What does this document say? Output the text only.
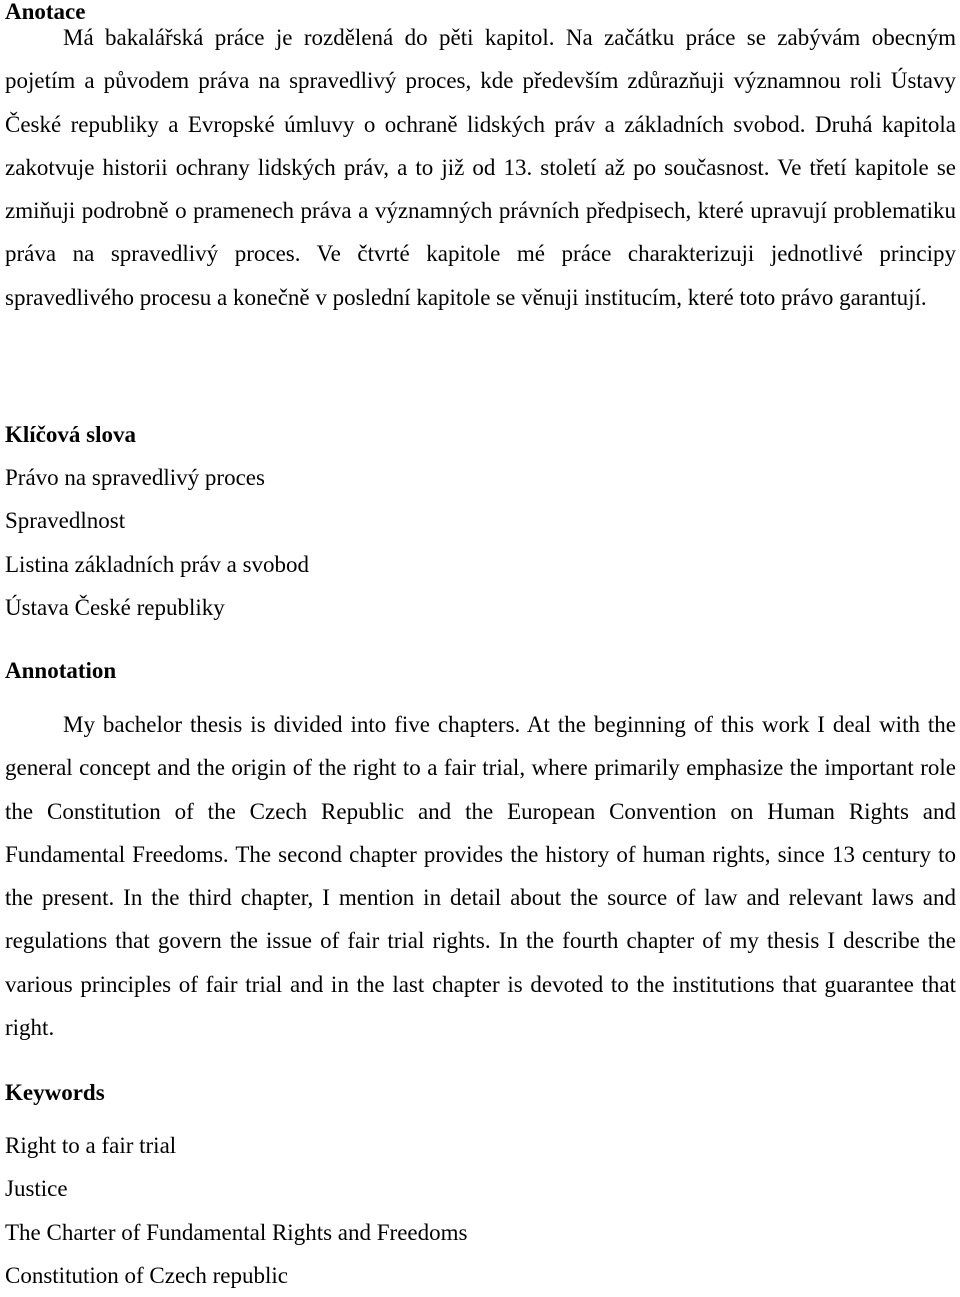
Anotace

Má bakalářská práce je rozdělená do pěti kapitol. Na začátku práce se zabývám obecným pojetím a původem práva na spravedlivý proces, kde především zdůrazňuji významnou roli Ústavy České republiky a Evropské úmluvy o ochraně lidských práv a základních svobod. Druhá kapitola zakotvuje historii ochrany lidských práv, a to již od 13. století až po současnost. Ve třetí kapitole se zmiňuji podrobně o pramenech práva a významných právních předpisech, které upravují problematiku práva na spravedlivý proces. Ve čtvrté kapitole mé práce charakterizuji jednotlivé principy spravedlivého procesu a konečně v poslední kapitole se věnuji institucím, které toto právo garantují.

Klíčová slova
Právo na spravedlivý proces
Spravedlnost
Listina základních práv a svobod
Ústava České republiky
Annotation

My bachelor thesis is divided into five chapters. At the beginning of this work I deal with the general concept and the origin of the right to a fair trial, where primarily emphasize the important role the Constitution of the Czech Republic and the European Convention on Human Rights and Fundamental Freedoms. The second chapter provides the history of human rights, since 13 century to the present. In the third chapter, I mention in detail about the source of law and relevant laws and regulations that govern the issue of fair trial rights. In the fourth chapter of my thesis I describe the various principles of fair trial and in the last chapter is devoted to the institutions that guarantee that right.

Keywords
Right to a fair trial
Justice
The Charter of Fundamental Rights and Freedoms
Constitution of Czech republic
